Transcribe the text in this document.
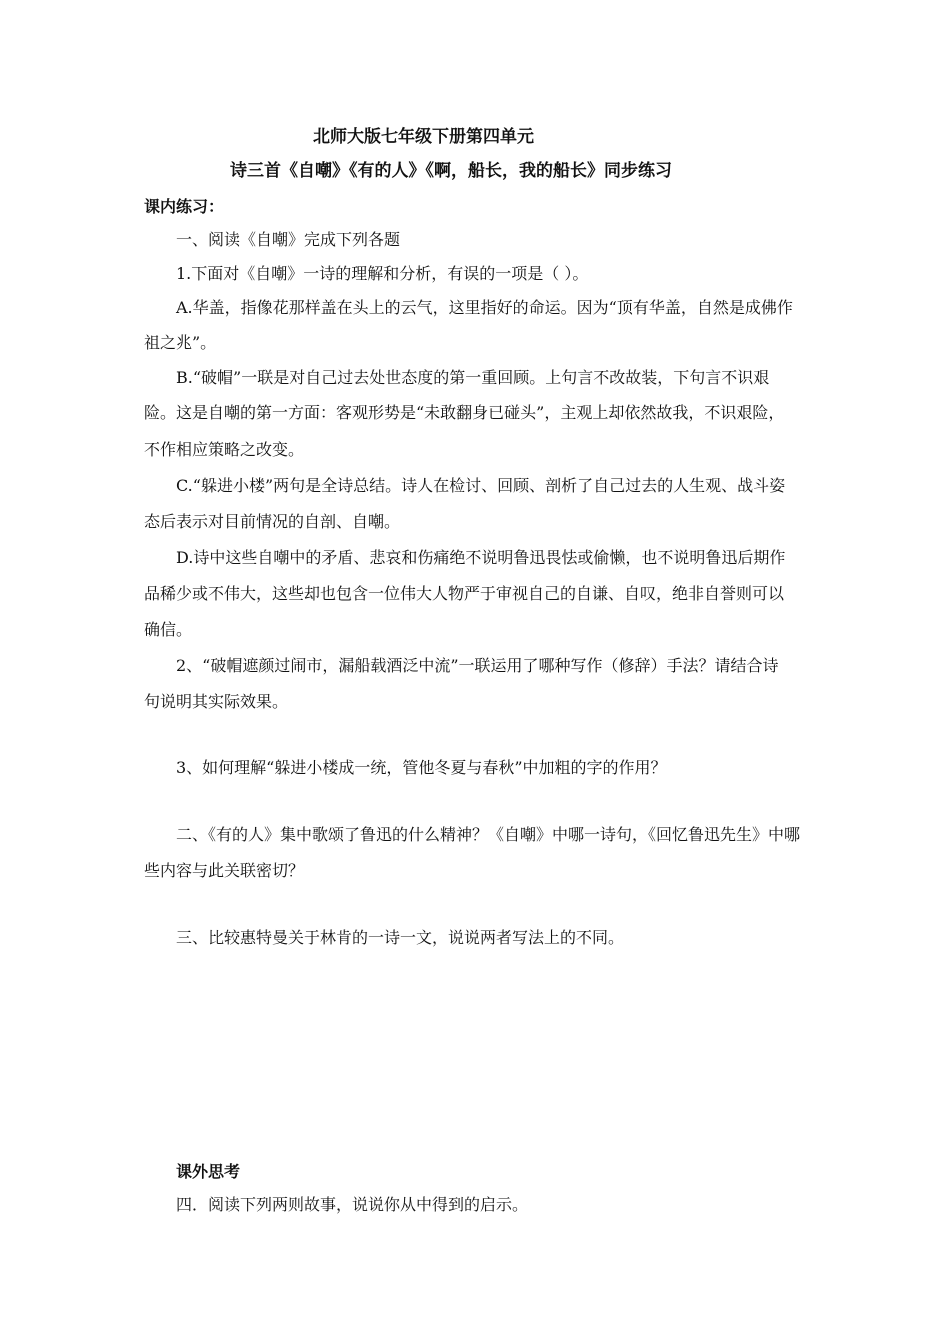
北师大版七年级下册第四单元
诗三首《自嘲》《有的人》《啊，船长，我的船长》同步练习
课内练习：
一、阅读《自嘲》完成下列各题
1.下面对《自嘲》一诗的理解和分析，有误的一项是（ ）。
A.华盖，指像花那样盖在头上的云气，这里指好的命运。因为“顶有华盖，自然是成佛作
祖之兆”。
B.“破帽”一联是对自己过去处世态度的第一重回顾。上句言不改故装，下句言不识艰
险。这是自嘲的第一方面：客观形势是“未敢翻身已碰头”，主观上却依然故我，不识艰险，
不作相应策略之改变。
C.“躲进小楼”两句是全诗总结。诗人在检讨、回顾、剖析了自己过去的人生观、战斗姿
态后表示对目前情况的自剖、自嘲。
D.诗中这些自嘲中的矛盾、悲哀和伤痛绝不说明鲁迅畏怯或偷懒，也不说明鲁迅后期作
品稀少或不伟大，这些却也包含一位伟大人物严于审视自己的自谦、自叹，绝非自誉则可以
确信。
2、“破帽遮颜过闹市，漏船载酒泛中流”一联运用了哪种写作（修辞）手法？请结合诗
句说明其实际效果。
3、如何理解“躲进小楼成一统，管他冬夏与春秋”中加粗的字的作用？
二、《有的人》集中歌颂了鲁迅的什么精神？《自嘲》中哪一诗句，《回忆鲁迅先生》中哪
些内容与此关联密切？
三、比较惠特曼关于林肯的一诗一文，说说两者写法上的不同。
课外思考
四．阅读下列两则故事，说说你从中得到的启示。
